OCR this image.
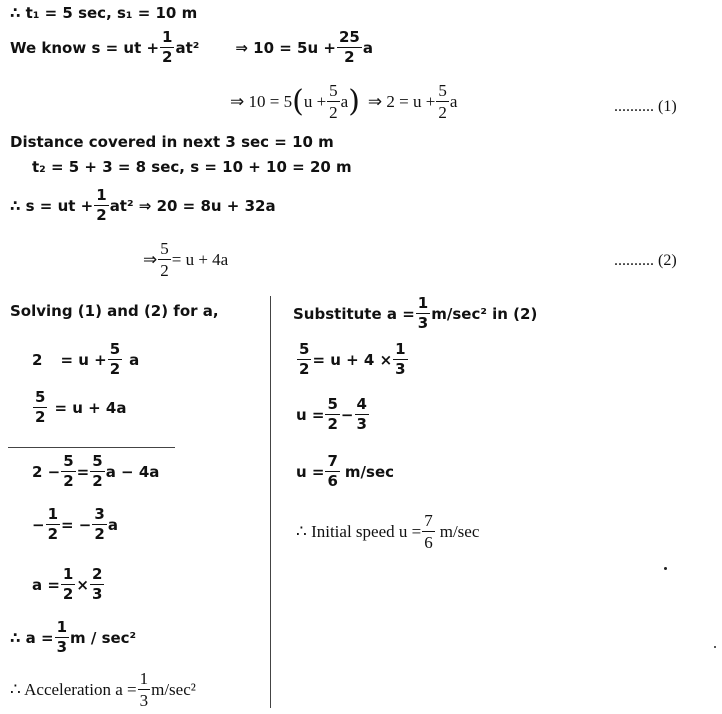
∴ t₁ = 5 sec, s₁ = 10 m
We know s = ut + $\frac{1}{2} at^2$ ⇒ $10 = 5u + \frac{25}{2}$ a
⇒ 10 = 5 ( $u + \frac{5}{2}$ a ) ⇒ $2 = u + \frac{5}{2}$ a	.......... (1)
Distance covered in next 3 sec = 10 m
t₂ = 5 + 3 = 8 sec, s = 10 + 10 = 20 m
∴ s = ut + $\frac{1}{2} at^2$ ⇒ 20 = 8u + 32a
⇒ $\frac{5}{2} = u + 4a$	.......... (2)
Solving (1) and (2) for a,
$2 = u + \frac{5}{2}$ a
$\frac{5}{2} = u + 4a$
$2 - \frac{5}{2} = \frac{5}{2}$ a − 4a
− $\frac{1}{2}$ = − $\frac{3}{2}$ a
$a = \frac{1}{2} \times \frac{2}{3}$
∴ $a = \frac{1}{3}$ m / sec²
∴ Acceleration $a = \frac{1}{3} m/\sec^2$
Substitute $a = \frac{1}{3} m/\sec^2$ in (2)
$\frac{5}{2} = u + 4 \times \frac{1}{3}$
$u = \frac{5}{2} - \frac{4}{3}$
$u = \frac{7}{6} m/\sec$
∴ Initial speed $u = \frac{7}{6} m/\sec$
